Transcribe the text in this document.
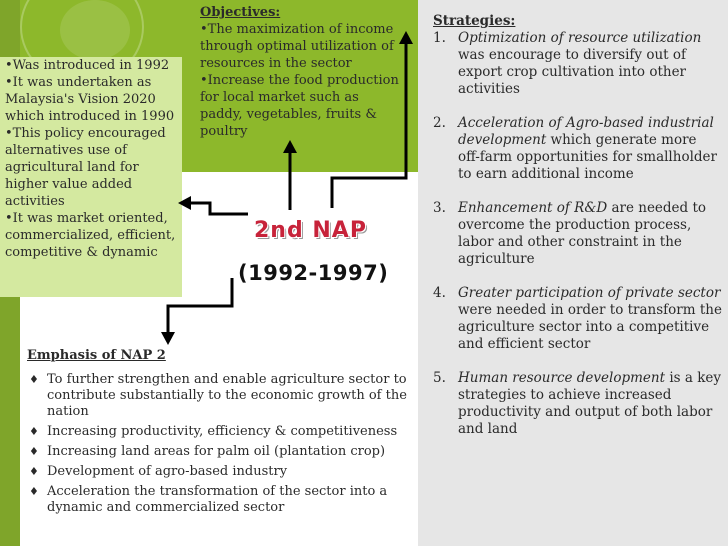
Objectives:
•The maximization of income
through optimal utilization of
resources in the sector
•Increase the food production
for local market such as
paddy, vegetables, fruits &
poultry
•Was introduced in 1992
•It was undertaken as
Malaysia's Vision 2020
which introduced in 1990
•This policy encouraged
alternatives use of
agricultural land for
higher value added
activities
•It was market oriented,
commercialized, efficient,
competitive & dynamic
2nd NAP
(1992-1997)
Strategies:
1. Optimization of resource utilization was encourage to diversify out of export crop cultivation into other activities
2. Acceleration of Agro-based industrial development which generate more off-farm opportunities for smallholder to earn additional income
3. Enhancement of R&D are needed to overcome the production process, labor and other constraint in the agriculture
4. Greater participation of private sector were needed in order to transform the agriculture sector into a competitive and efficient sector
5. Human resource development is a key strategies to achieve increased productivity and output of both labor and land
Emphasis of NAP 2
♦ To further strengthen and enable agriculture sector to contribute substantially to the economic growth of the nation
♦ Increasing productivity, efficiency & competitiveness
♦ Increasing land areas for palm oil (plantation crop)
♦ Development of agro-based industry
♦ Acceleration the transformation of the sector into a dynamic and commercialized sector
